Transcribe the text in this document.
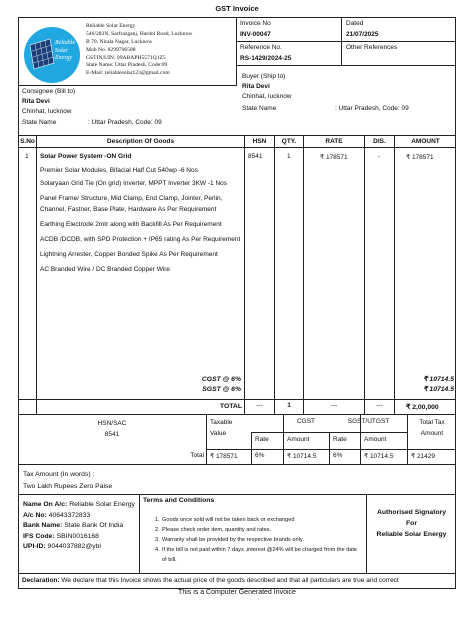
GST Invoice
Reliable
Solar
Energy
Reliable Solar Energy
546/283N, Sarfrazganj, Hardoi Road, Lucknow
B 70, Nirala Nagar, Lucknow
Mob No. 8299706588
GSTIN/UIN: 09ABAPH5571Q1Z5
State Name: Uttar Pradesh, Code:09
E-Mail: reliablesolar123@gmail.com
Invoice No
INV-00047
Dated
21/07/2025
Reference No.
RS-1429/2024-25
Other References
Consignee (Bill to)
Rita Devi
Chinhat, lucknow
State Name	: Uttar Pradesh, Code: 09
Buyer (Ship to)
Rita Devi
Chinhat, lucknow
State Name	: Uttar Pradesh, Code: 09
S.No	Description Of Goods	HSN	QTY.	RATE	DIS.	AMOUNT
1 Solar Power System -ON Grid	8541	1	₹ 178571	-	₹ 178571
Premier Solar Modules, Bifacial Half Cut 540wp -6 Nos
Solaryaan Grid Tie (On grid) Inverter, MPPT Inverter 3KW -1 Nos
Panel Frame/ Structure, Mid Clamp, End Clamp, Jointer, Perlin, Channel, Fastner, Base Plate, Hardware As Per Requirement
Earthing Electrode 2mtr along with Backfill As Per Requirement
ACDB /DCDB, with SPD Protection + IP65 rating As Per Requirement
Lightning Arrester, Copper Bonded Spike As Per Requirement
AC Branded Wire / DC Branded Copper Wire
CGST @ 6%
SGST @ 6%
₹ 10714.5
₹ 10714.5
TOTAL	---	1	---	---	₹ 2,00,000
HSN/SAC
8541
Taxable Value
CGST	SGST/UTGST	Total Tax Amount
Rate	Amount	Rate	Amount
Total ₹ 178571	6%	₹ 10714.5	6%	₹ 10714.5	₹ 21429
Tax Amount (In words) :
Two Lakh Rupees Zero Paise
Name On A/c: Reliable Solar Energy
A/c No: 40643372833
Bank Name: State Bank Of India
IFS Code: SBIN0016168
UPI-ID: 9044037882@ybl
Terms and Conditions
1. Goods once sold will not be taken back or exchanged
2. Please check order item, quantity and rates.
3. Warranty shall be provided by the respective brands only.
4. If the bill is not paid within 7 days ,interest @24% will be charged from the date of bill.
Authorised Signatory
For
Reliable Solar Energy
Declaration: We declare that this Invoice shows the actual price of the goods described and that all particulars are true and correct
This is a Computer Generated Invoice
